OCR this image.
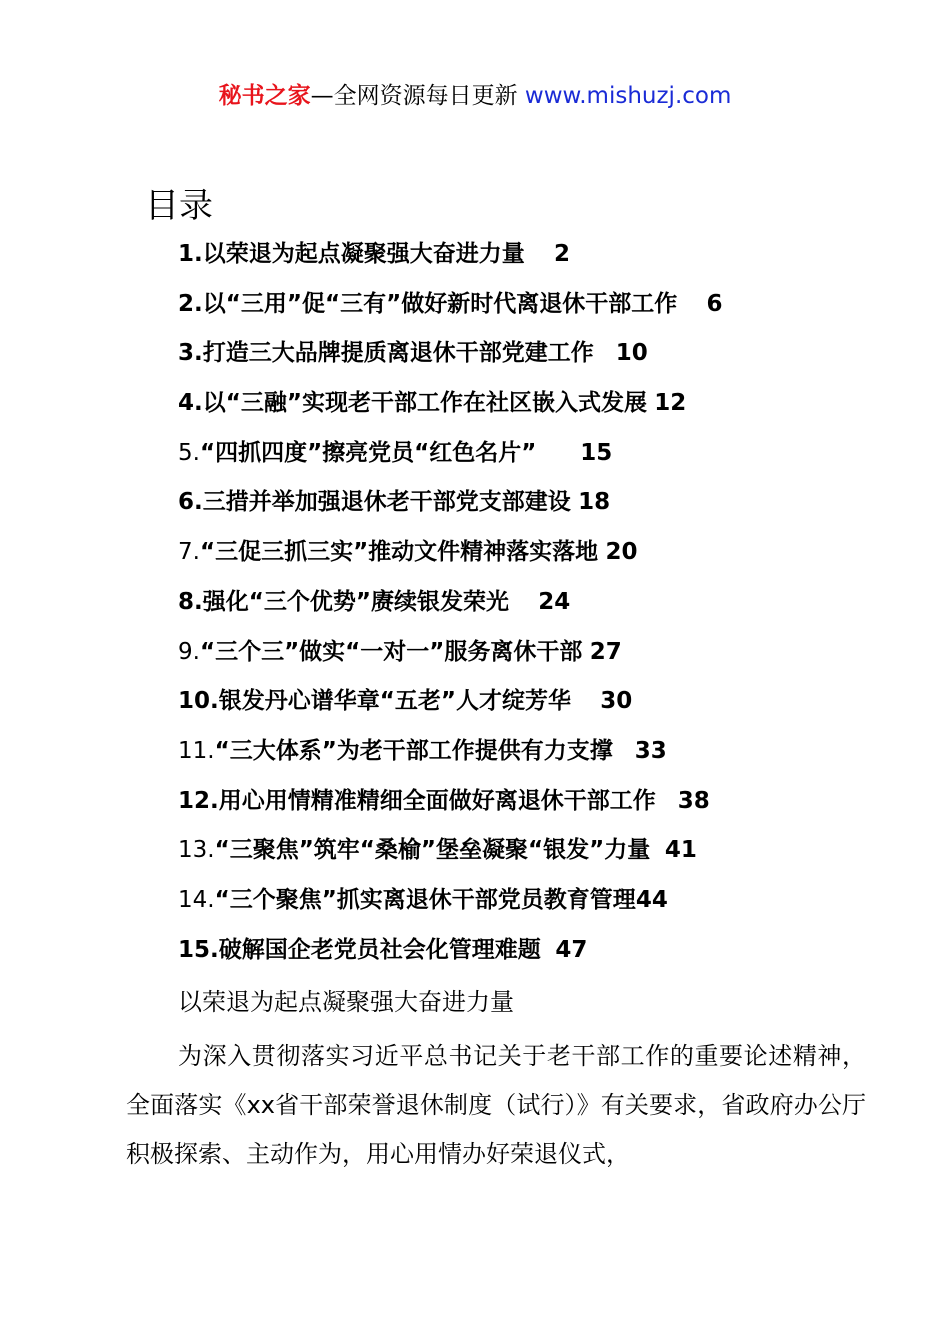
秘书之家—全网资源每日更新 www.mishuzj.com
目录
1.以荣退为起点凝聚强大奋进力量 2
2.以“三用”促“三有”做好新时代离退休干部工作 6
3.打造三大品牌提质离退休干部党建工作 10
4.以“三融”实现老干部工作在社区嵌入式发展 12
5.“四抓四度”擦亮党员“红色名片” 15
6.三措并举加强退休老干部党支部建设 18
7.“三促三抓三实”推动文件精神落实落地 20
8.强化“三个优势”赓续银发荣光 24
9.“三个三”做实“一对一”服务离休干部 27
10.银发丹心谱华章“五老”人才绽芳华 30
11.“三大体系”为老干部工作提供有力支撑 33
12.用心用情精准精细全面做好离退休干部工作 38
13.“三聚焦”筑牢“桑榆”堡垒凝聚“银发”力量 41
14.“三个聚焦”抓实离退休干部党员教育管理44
15.破解国企老党员社会化管理难题 47
以荣退为起点凝聚强大奋进力量

为深入贯彻落实习近平总书记关于老干部工作的重要论述精神，全面落实《xx省干部荣誉退休制度（试行）》有关要求，省政府办公厅积极探索、主动作为，用心用情办好荣退仪式，
